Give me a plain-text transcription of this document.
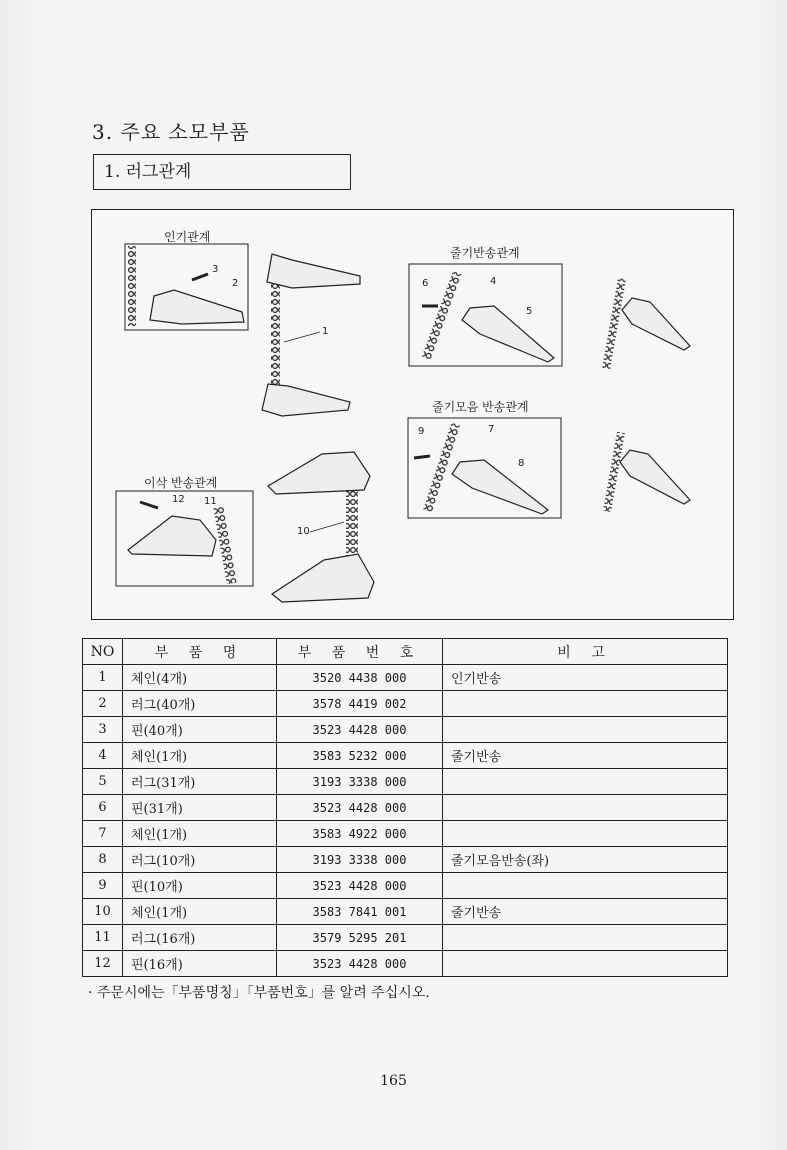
3. 주요 소모부품
1. 러그관계
3
2
1
4
6
5
7
9
8
11
12
10
인기관계
줄기반송관계
줄기모음 반송관계
이삭 반송관계
NO	부 품 명	부 품 번 호	비 고
1	체인(4개)	3520 4438 000	인기반송
2	러그(40개)	3578 4419 002	
3	핀(40개)	3523 4428 000	
4	체인(1개)	3583 5232 000	줄기반송
5	러그(31개)	3193 3338 000	
6	핀(31개)	3523 4428 000	
7	체인(1개)	3583 4922 000	
8	러그(10개)	3193 3338 000	줄기모음반송(좌)
9	핀(10개)	3523 4428 000	
10	체인(1개)	3583 7841 001	줄기반송
11	러그(16개)	3579 5295 201	
12	핀(16개)	3523 4428 000	
· 주문시에는「부품명칭」「부품번호」를 알려 주십시오.
165
